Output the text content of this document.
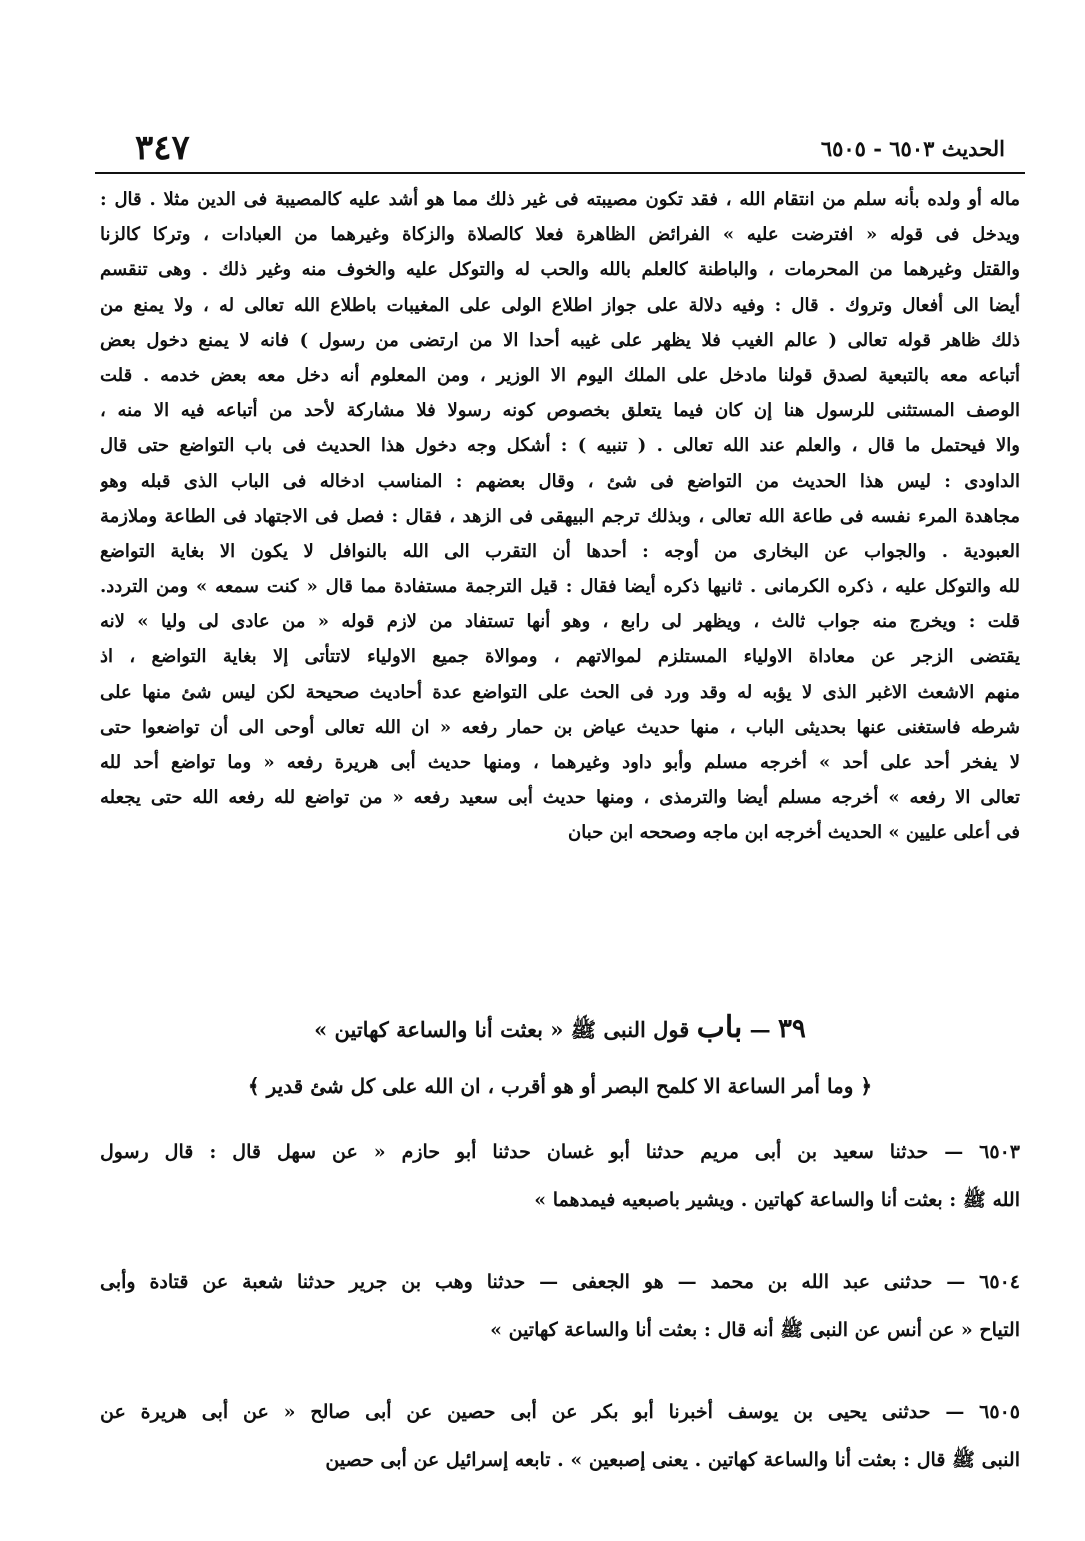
٣٤٧	الحديث ٦٥٠٣ - ٦٥٠٥

ماله أو ولده بأنه سلم من انتقام الله ، فقد تكون مصيبته فى غير ذلك مما هو أشد عليه كالمصيبة فى الدين مثلا . قال :

ويدخل فى قوله « افترضت عليه » الفرائض الظاهرة فعلا كالصلاة والزكاة وغيرهما من العبادات ، وتركا كالزنا

والقتل وغيرهما من المحرمات ، والباطنة كالعلم بالله والحب له والتوكل عليه والخوف منه وغير ذلك . وهى تنقسم

أيضا الى أفعال وتروك . قال : وفيه دلالة على جواز اطلاع الولى على المغيبات باطلاع الله تعالى له ، ولا يمنع من

ذلك ظاهر قوله تعالى ( عالم الغيب فلا يظهر على غيبه أحدا الا من ارتضى من رسول ) فانه لا يمنع دخول بعض

أتباعه معه بالتبعية لصدق قولنا مادخل على الملك اليوم الا الوزير ، ومن المعلوم أنه دخل معه بعض خدمه . قلت

الوصف المستثنى للرسول هنا إن كان فيما يتعلق بخصوص كونه رسولا فلا مشاركة لأحد من أتباعه فيه الا منه ،

والا فيحتمل ما قال ، والعلم عند الله تعالى . ( تنبيه ) : أشكل وجه دخول هذا الحديث فى باب التواضع حتى قال

الداودى : ليس هذا الحديث من التواضع فى شئ ، وقال بعضهم : المناسب ادخاله فى الباب الذى قبله وهو

مجاهدة المرء نفسه فى طاعة الله تعالى ، وبذلك ترجم البيهقى فى الزهد ، فقال : فصل فى الاجتهاد فى الطاعة وملازمة

العبودية . والجواب عن البخارى من أوجه : أحدها أن التقرب الى الله بالنوافل لا يكون الا بغاية التواضع

لله والتوكل عليه ، ذكره الكرمانى . ثانيها ذكره أيضا فقال : قيل الترجمة مستفادة مما قال « كنت سمعه » ومن التردد.

قلت : ويخرج منه جواب ثالث ، ويظهر لى رابع ، وهو أنها تستفاد من لازم قوله « من عادى لى وليا » لانه

يقتضى الزجر عن معاداة الاولياء المستلزم لموالاتهم ، وموالاة جميع الاولياء لاتتأتى إلا بغاية التواضع ، اذ

منهم الاشعث الاغبر الذى لا يؤبه له وقد ورد فى الحث على التواضع عدة أحاديث صحيحة لكن ليس شئ منها على

شرطه فاستغنى عنها بحديثى الباب ، منها حديث عياض بن حمار رفعه « ان الله تعالى أوحى الى أن تواضعوا حتى

لا يفخر أحد على أحد » أخرجه مسلم وأبو داود وغيرهما ، ومنها حديث أبى هريرة رفعه « وما تواضع أحد لله

تعالى الا رفعه » أخرجه مسلم أيضا والترمذى ، ومنها حديث أبى سعيد رفعه « من تواضع لله رفعه الله حتى يجعله

فى أعلى عليين » الحديث أخرجه ابن ماجه وصححه ابن حبان

٣٩ — باب قول النبى ﷺ « بعثت أنا والساعة كهاتين »
﴿ وما أمر الساعة الا كلمح البصر أو هو أقرب ، ان الله على كل شئ قدير ﴾

٦٥٠٣ — حدثنا سعيد بن أبى مريم حدثنا أبو غسان حدثنا أبو حازم « عن سهل قال : قال رسول

الله ﷺ : بعثت أنا والساعة كهاتين . ويشير باصبعيه فيمدهما »

٦٥٠٤ — حدثنى عبد الله بن محمد — هو الجعفى — حدثنا وهب بن جرير حدثنا شعبة عن قتادة وأبى

التياح « عن أنس عن النبى ﷺ أنه قال : بعثت أنا والساعة كهاتين »

٦٥٠٥ — حدثنى يحيى بن يوسف أخبرنا أبو بكر عن أبى حصين عن أبى صالح « عن أبى هريرة عن

النبى ﷺ قال : بعثت أنا والساعة كهاتين . يعنى إصبعين » . تابعه إسرائيل عن أبى حصين
